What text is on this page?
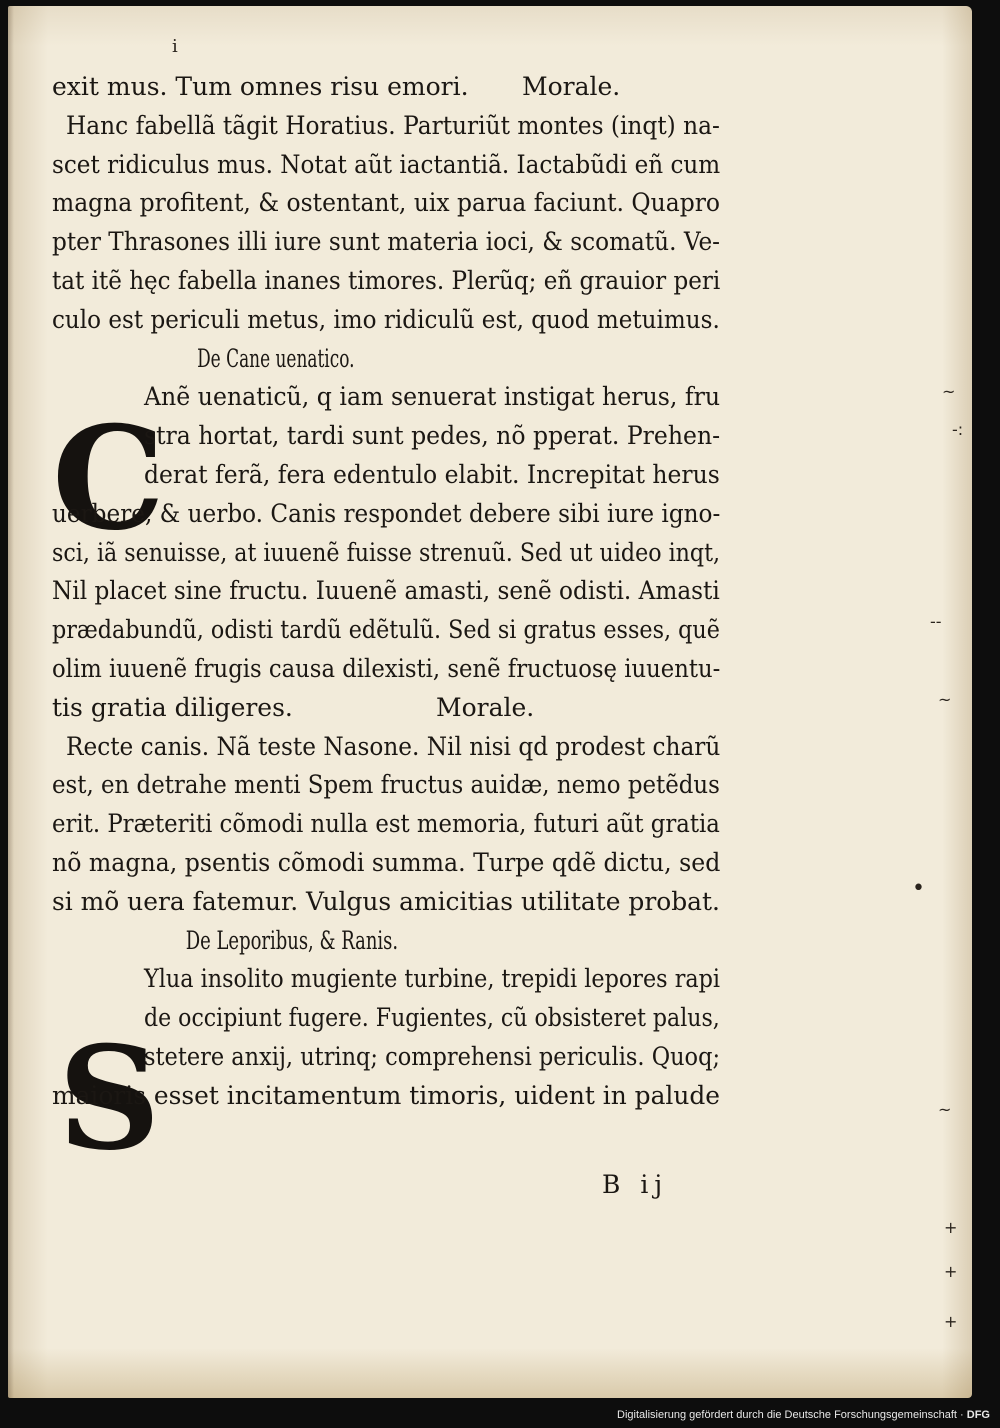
i
C
S
exit mus. Tum omnes risu emori. Morale.
Hanc fabellã tãgit Horatius. Parturiũt montes (inqt) na-
scet ridiculus mus. Notat aũt iactantiã. Iactabũdi eñ cum
magna profitent, & ostentant, uix parua faciunt. Quapro
pter Thrasones illi iure sunt materia ioci, & scomatũ. Ve-
tat itẽ hęc fabella inanes timores. Plerũq; eñ grauior peri
culo est periculi metus, imo ridiculũ est, quod metuimus.
De Cane uenatico.
Anẽ uenaticũ, q iam senuerat instigat herus, fru
stra hortat, tardi sunt pedes, nõ pperat. Prehen-
derat ferã, fera edentulo elabit. Increpitat herus
uerbere, & uerbo. Canis respondet debere sibi iure igno-
sci, iã senuisse, at iuuenẽ fuisse strenuũ. Sed ut uideo inqt,
Nil placet sine fructu. Iuuenẽ amasti, senẽ odisti. Amasti
prædabundũ, odisti tardũ edẽtulũ. Sed si gratus esses, quẽ
olim iuuenẽ frugis causa dilexisti, senẽ fructuosę iuuentu-
tis gratia diligeres.	Morale.
Recte canis. Nã teste Nasone. Nil nisi qd prodest charũ
est, en detrahe menti Spem fructus auidæ, nemo petẽdus
erit. Præteriti cõmodi nulla est memoria, futuri aũt gratia
nõ magna, psentis cõmodi summa. Turpe qdẽ dictu, sed
si mõ uera fatemur. Vulgus amicitias utilitate probat.
De Leporibus, & Ranis.
Ylua insolito mugiente turbine, trepidi lepores rapi
de occipiunt fugere. Fugientes, cũ obsisteret palus,
stetere anxij, utrinq; comprehensi periculis. Quoq;
maioris esset incitamentum timoris, uident in palude
B ij
~
-:
--
~
•
~
+
+
+
Digitalisierung gefördert durch die Deutsche Forschungsgemeinschaft · DFG
